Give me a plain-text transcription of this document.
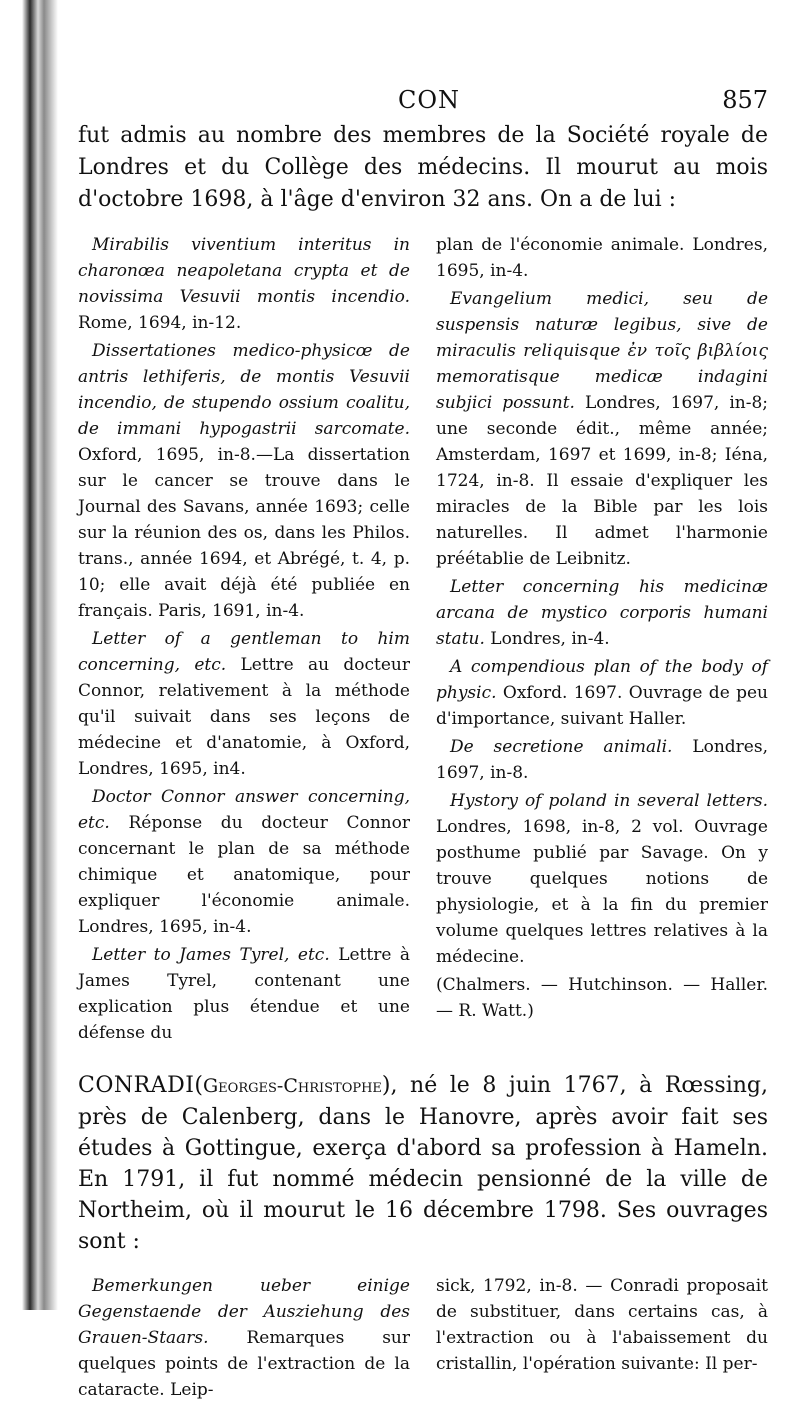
CON	857

fut admis au nombre des membres de la Société royale de Londres et du Collège des médecins. Il mourut au mois d'octobre 1698, à l'âge d'environ 32 ans. On a de lui :

Mirabilis viventium interitus in charonœa neapoletana crypta et de novissima Vesuvii montis incendio. Rome, 1694, in-12.

Dissertationes medico-physicœ de antris lethiferis, de montis Vesuvii incendio, de stupendo ossium coalitu, de immani hypogastrii sarcomate. Oxford, 1695, in-8.—La dissertation sur le cancer se trouve dans le Journal des Savans, année 1693; celle sur la réunion des os, dans les Philos. trans., année 1694, et Abrégé, t. 4, p. 10; elle avait déjà été publiée en français. Paris, 1691, in-4.

Letter of a gentleman to him concerning, etc. Lettre au docteur Connor, relativement à la méthode qu'il suivait dans ses leçons de médecine et d'anatomie, à Oxford, Londres, 1695, in4.

Doctor Connor answer concerning, etc. Réponse du docteur Connor concernant le plan de sa méthode chimique et anatomique, pour expliquer l'économie animale. Londres, 1695, in-4.

Letter to James Tyrel, etc. Lettre à James Tyrel, contenant une explication plus étendue et une défense du

plan de l'économie animale. Londres, 1695, in-4.

Evangelium medici, seu de suspensis naturæ legibus, sive de miraculis reliquisque ἐν τοῖς βιβλίοις memoratisque medicæ indagini subjici possunt. Londres, 1697, in-8; une seconde édit., même année; Amsterdam, 1697 et 1699, in-8; Iéna, 1724, in-8. Il essaie d'expliquer les miracles de la Bible par les lois naturelles. Il admet l'harmonie préétablie de Leibnitz.

Letter concerning his medicinæ arcana de mystico corporis humani statu. Londres, in-4.

A compendious plan of the body of physic. Oxford. 1697. Ouvrage de peu d'importance, suivant Haller.

De secretione animali. Londres, 1697, in-8.

Hystory of poland in several letters. Londres, 1698, in-8, 2 vol. Ouvrage posthume publié par Savage. On y trouve quelques notions de physiologie, et à la fin du premier volume quelques lettres relatives à la médecine.

(Chalmers. — Hutchinson. — Haller. — R. Watt.)

CONRADI(Georges-Christophe), né le 8 juin 1767, à Rœssing, près de Calenberg, dans le Hanovre, après avoir fait ses études à Gottingue, exerça d'abord sa profession à Hameln. En 1791, il fut nommé médecin pensionné de la ville de Northeim, où il mourut le 16 décembre 1798. Ses ouvrages sont :

Bemerkungen ueber einige Gegenstaende der Ausziehung des Grauen-Staars. Remarques sur quelques points de l'extraction de la cataracte. Leip-

sick, 1792, in-8. — Conradi proposait de substituer, dans certains cas, à l'extraction ou à l'abaissement du cristallin, l'opération suivante: Il per-
